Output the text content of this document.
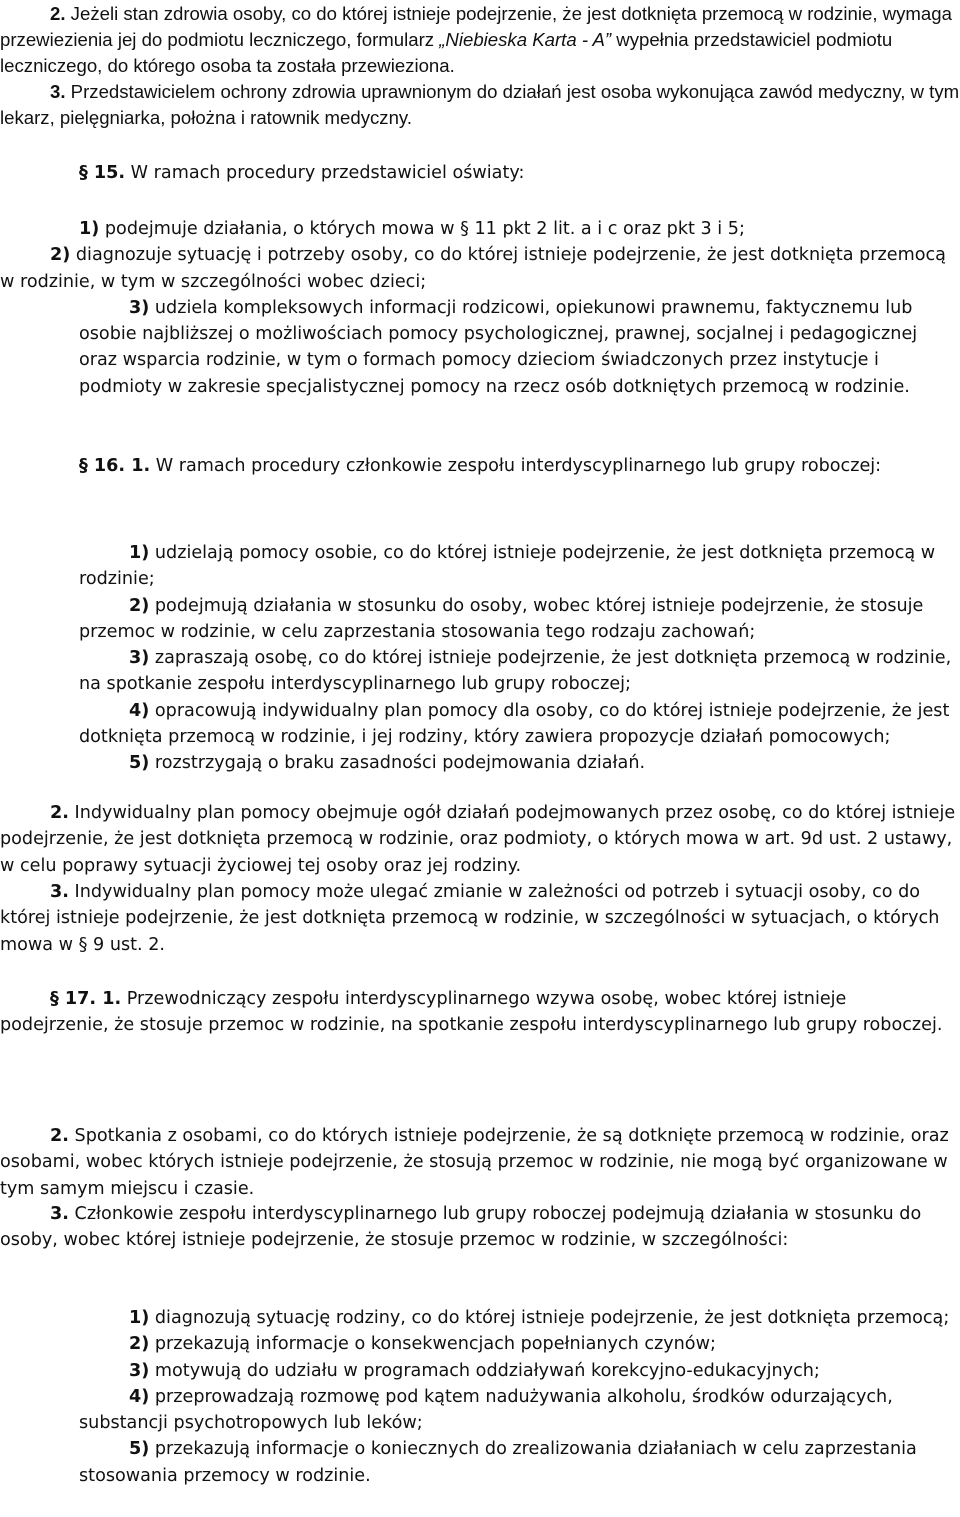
2. Jeżeli stan zdrowia osoby, co do której istnieje podejrzenie, że jest dotknięta przemocą w rodzinie, wymaga przewiezienia jej do podmiotu leczniczego, formularz „Niebieska Karta - A” wypełnia przedstawiciel podmiotu leczniczego, do którego osoba ta została przewieziona.
3. Przedstawicielem ochrony zdrowia uprawnionym do działań jest osoba wykonująca zawód medyczny, w tym lekarz, pielęgniarka, położna i ratownik medyczny.
§ 15. W ramach procedury przedstawiciel oświaty:
1) podejmuje działania, o których mowa w § 11 pkt 2 lit. a i c oraz pkt 3 i 5;
2) diagnozuje sytuację i potrzeby osoby, co do której istnieje podejrzenie, że jest dotknięta przemocą w rodzinie, w tym w szczególności wobec dzieci;
3) udziela kompleksowych informacji rodzicowi, opiekunowi prawnemu, faktycznemu lub osobie najbliższej o możliwościach pomocy psychologicznej, prawnej, socjalnej i pedagogicznej oraz wsparcia rodzinie, w tym o formach pomocy dzieciom świadczonych przez instytucje i podmioty w zakresie specjalistycznej pomocy na rzecz osób dotkniętych przemocą w rodzinie.
§ 16. 1. W ramach procedury członkowie zespołu interdyscyplinarnego lub grupy roboczej:
1) udzielają pomocy osobie, co do której istnieje podejrzenie, że jest dotknięta przemocą w rodzinie;
2) podejmują działania w stosunku do osoby, wobec której istnieje podejrzenie, że stosuje przemoc w rodzinie, w celu zaprzestania stosowania tego rodzaju zachowań;
3) zapraszają osobę, co do której istnieje podejrzenie, że jest dotknięta przemocą w rodzinie, na spotkanie zespołu interdyscyplinarnego lub grupy roboczej;
4) opracowują indywidualny plan pomocy dla osoby, co do której istnieje podejrzenie, że jest dotknięta przemocą w rodzinie, i jej rodziny, który zawiera propozycje działań pomocowych;
5) rozstrzygają o braku zasadności podejmowania działań.
2. Indywidualny plan pomocy obejmuje ogół działań podejmowanych przez osobę, co do której istnieje podejrzenie, że jest dotknięta przemocą w rodzinie, oraz podmioty, o których mowa w art. 9d ust. 2 ustawy, w celu poprawy sytuacji życiowej tej osoby oraz jej rodziny.
3. Indywidualny plan pomocy może ulegać zmianie w zależności od potrzeb i sytuacji osoby, co do której istnieje podejrzenie, że jest dotknięta przemocą w rodzinie, w szczególności w sytuacjach, o których mowa w § 9 ust. 2.
§ 17. 1. Przewodniczący zespołu interdyscyplinarnego wzywa osobę, wobec której istnieje podejrzenie, że stosuje przemoc w rodzinie, na spotkanie zespołu interdyscyplinarnego lub grupy roboczej.
2. Spotkania z osobami, co do których istnieje podejrzenie, że są dotknięte przemocą w rodzinie, oraz osobami, wobec których istnieje podejrzenie, że stosują przemoc w rodzinie, nie mogą być organizowane w tym samym miejscu i czasie.
3. Członkowie zespołu interdyscyplinarnego lub grupy roboczej podejmują działania w stosunku do osoby, wobec której istnieje podejrzenie, że stosuje przemoc w rodzinie, w szczególności:
1) diagnozują sytuację rodziny, co do której istnieje podejrzenie, że jest dotknięta przemocą;
2) przekazują informacje o konsekwencjach popełnianych czynów;
3) motywują do udziału w programach oddziaływań korekcyjno-edukacyjnych;
4) przeprowadzają rozmowę pod kątem nadużywania alkoholu, środków odurzających, substancji psychotropowych lub leków;
5) przekazują informacje o koniecznych do zrealizowania działaniach w celu zaprzestania stosowania przemocy w rodzinie.
